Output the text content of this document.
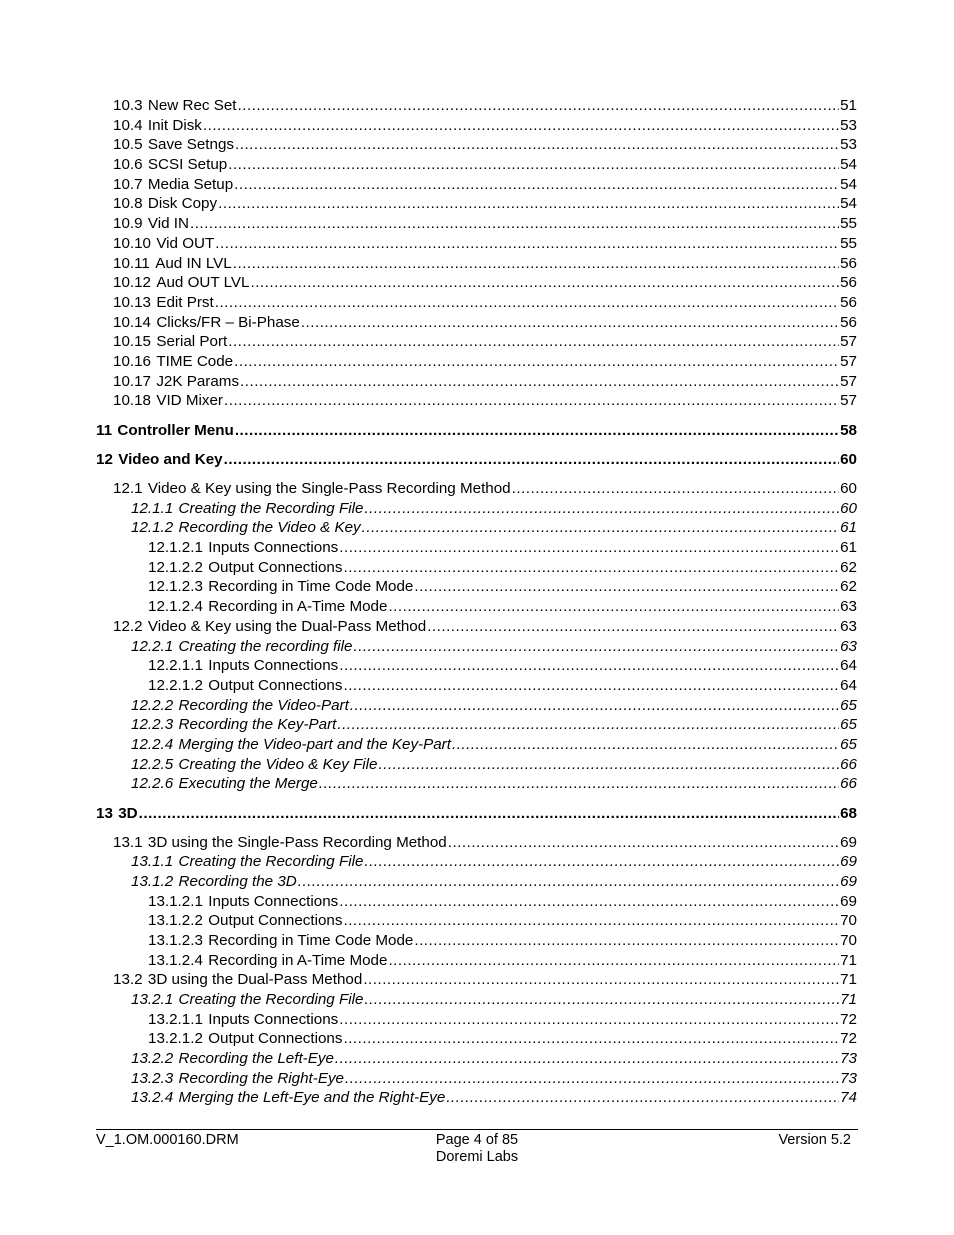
10.3 New Rec Set .....	51
10.4 Init Disk .....	53
10.5 Save Setngs .....	53
10.6 SCSI Setup .....	54
10.7 Media Setup .....	54
10.8 Disk Copy .....	54
10.9 Vid IN .....	55
10.10 Vid OUT .....	55
10.11 Aud IN LVL .....	56
10.12 Aud OUT LVL .....	56
10.13 Edit Prst .....	56
10.14 Clicks/FR – Bi-Phase .....	56
10.15 Serial Port .....	57
10.16 TIME Code .....	57
10.17 J2K Params .....	57
10.18 VID Mixer .....	57
11 Controller Menu .....	58
12 Video and Key .....	60
12.1 Video & Key using the Single-Pass Recording Method .....	60
12.1.1 Creating the Recording File .....	60
12.1.2 Recording the Video & Key .....	61
12.1.2.1 Inputs Connections .....	61
12.1.2.2 Output Connections .....	62
12.1.2.3 Recording in Time Code Mode .....	62
12.1.2.4 Recording in A-Time Mode .....	63
12.2 Video & Key using the Dual-Pass Method .....	63
12.2.1 Creating the recording file .....	63
12.2.1.1 Inputs Connections .....	64
12.2.1.2 Output Connections .....	64
12.2.2 Recording the Video-Part .....	65
12.2.3 Recording the Key-Part .....	65
12.2.4 Merging the Video-part and the Key-Part .....	65
12.2.5 Creating the Video & Key File .....	66
12.2.6 Executing the Merge .....	66
13 3D .....	68
13.1 3D using the Single-Pass Recording Method .....	69
13.1.1 Creating the Recording File .....	69
13.1.2 Recording the 3D .....	69
13.1.2.1 Inputs Connections .....	69
13.1.2.2 Output Connections .....	70
13.1.2.3 Recording in Time Code Mode .....	70
13.1.2.4 Recording in A-Time Mode .....	71
13.2 3D using the Dual-Pass Method .....	71
13.2.1 Creating the Recording File .....	71
13.2.1.1 Inputs Connections .....	72
13.2.1.2 Output Connections .....	72
13.2.2 Recording the Left-Eye .....	73
13.2.3 Recording the Right-Eye .....	73
13.2.4 Merging the Left-Eye and the Right-Eye .....	74
V_1.OM.000160.DRM	Page 4 of 85
Doremi Labs
Version 5.2
